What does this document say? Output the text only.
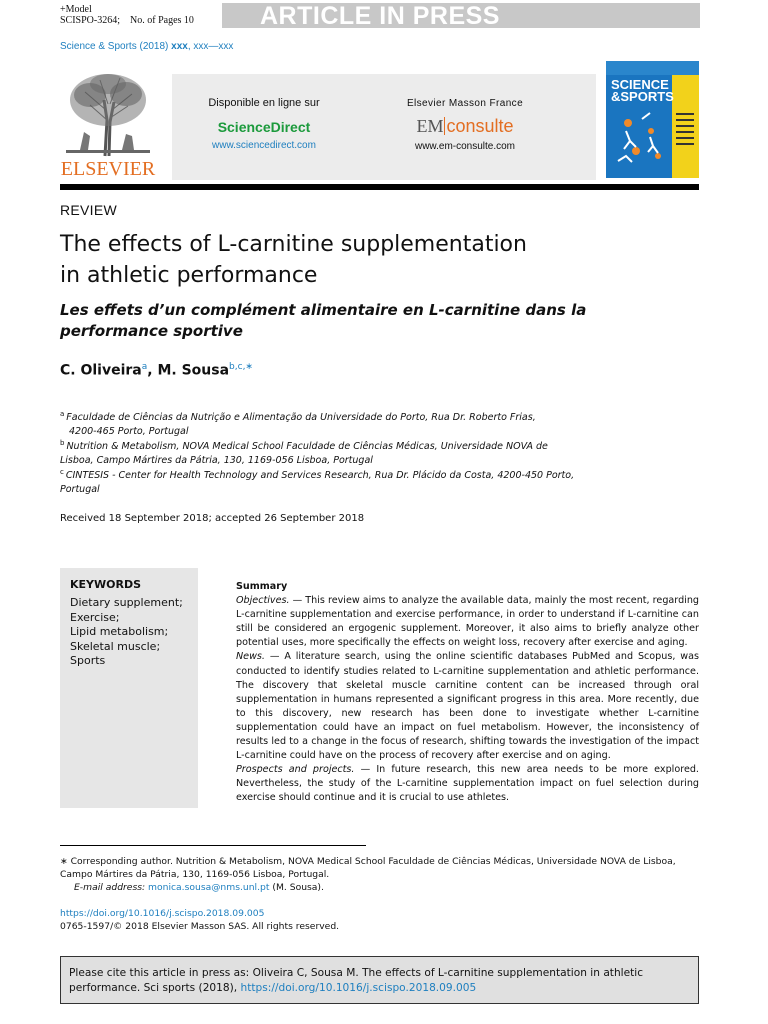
+Model
SCISPO-3264; No. of Pages 10	ARTICLE IN PRESS
Science & Sports (2018) xxx, xxx—xxx
ELSEVIER
Disponible en ligne sur
ScienceDirect
www.sciencedirect.com
Elsevier Masson France
EM consulte
www.em-consulte.com
SCIENCE
&SPORTS
REVIEW
The effects of L-carnitine supplementation
in athletic performance
Les effets d’un complément alimentaire en L-carnitine dans la
performance sportive
C. Oliveira$^a$, M. Sousa$^{b,c,∗}$
$^a$ Faculdade de Ciências da Nutrição e Alimentação da Universidade do Porto, Rua Dr. Roberto Frias,
4200-465 Porto, Portugal
$^b$ Nutrition & Metabolism, NOVA Medical School Faculdade de Ciências Médicas, Universidade NOVA de
Lisboa, Campo Mártires da Pátria, 130, 1169-056 Lisboa, Portugal
$^c$ CINTESIS - Center for Health Technology and Services Research, Rua Dr. Plácido da Costa, 4200-450 Porto,
Portugal
Received 18 September 2018; accepted 26 September 2018
KEYWORDS
Dietary supplement;
Exercise;
Lipid metabolism;
Skeletal muscle;
Sports
Summary
Objectives. — This review aims to analyze the available data, mainly the most recent, regarding L-carnitine supplementation and exercise performance, in order to understand if L-carnitine can still be considered an ergogenic supplement. Moreover, it also aims to briefly analyze other potential uses, more specifically the effects on weight loss, recovery after exercise and aging.
News. — A literature search, using the online scientific databases PubMed and Scopus, was conducted to identify studies related to L-carnitine supplementation and athletic performance. The discovery that skeletal muscle carnitine content can be increased through oral supplementation in humans represented a significant progress in this area. More recently, due to this discovery, new research has been done to investigate whether L-carnitine supplementation could have an impact on fuel metabolism. However, the inconsistency of results led to a change in the focus of research, shifting towards the investigation of the impact L-carnitine could have on the process of recovery after exercise and on aging.
Prospects and projects. — In future research, this new area needs to be more explored. Nevertheless, the study of the L-carnitine supplementation impact on fuel selection during exercise should continue and it is crucial to use athletes.
∗ Corresponding author. Nutrition & Metabolism, NOVA Medical School Faculdade de Ciências Médicas, Universidade NOVA de Lisboa, Campo Mártires da Pátria, 130, 1169-056 Lisboa, Portugal.
E-mail address: monica.sousa@nms.unl.pt (M. Sousa).
https://doi.org/10.1016/j.scispo.2018.09.005
0765-1597/© 2018 Elsevier Masson SAS. All rights reserved.
Please cite this article in press as: Oliveira C, Sousa M. The effects of L-carnitine supplementation in athletic performance. Sci sports (2018), https://doi.org/10.1016/j.scispo.2018.09.005
